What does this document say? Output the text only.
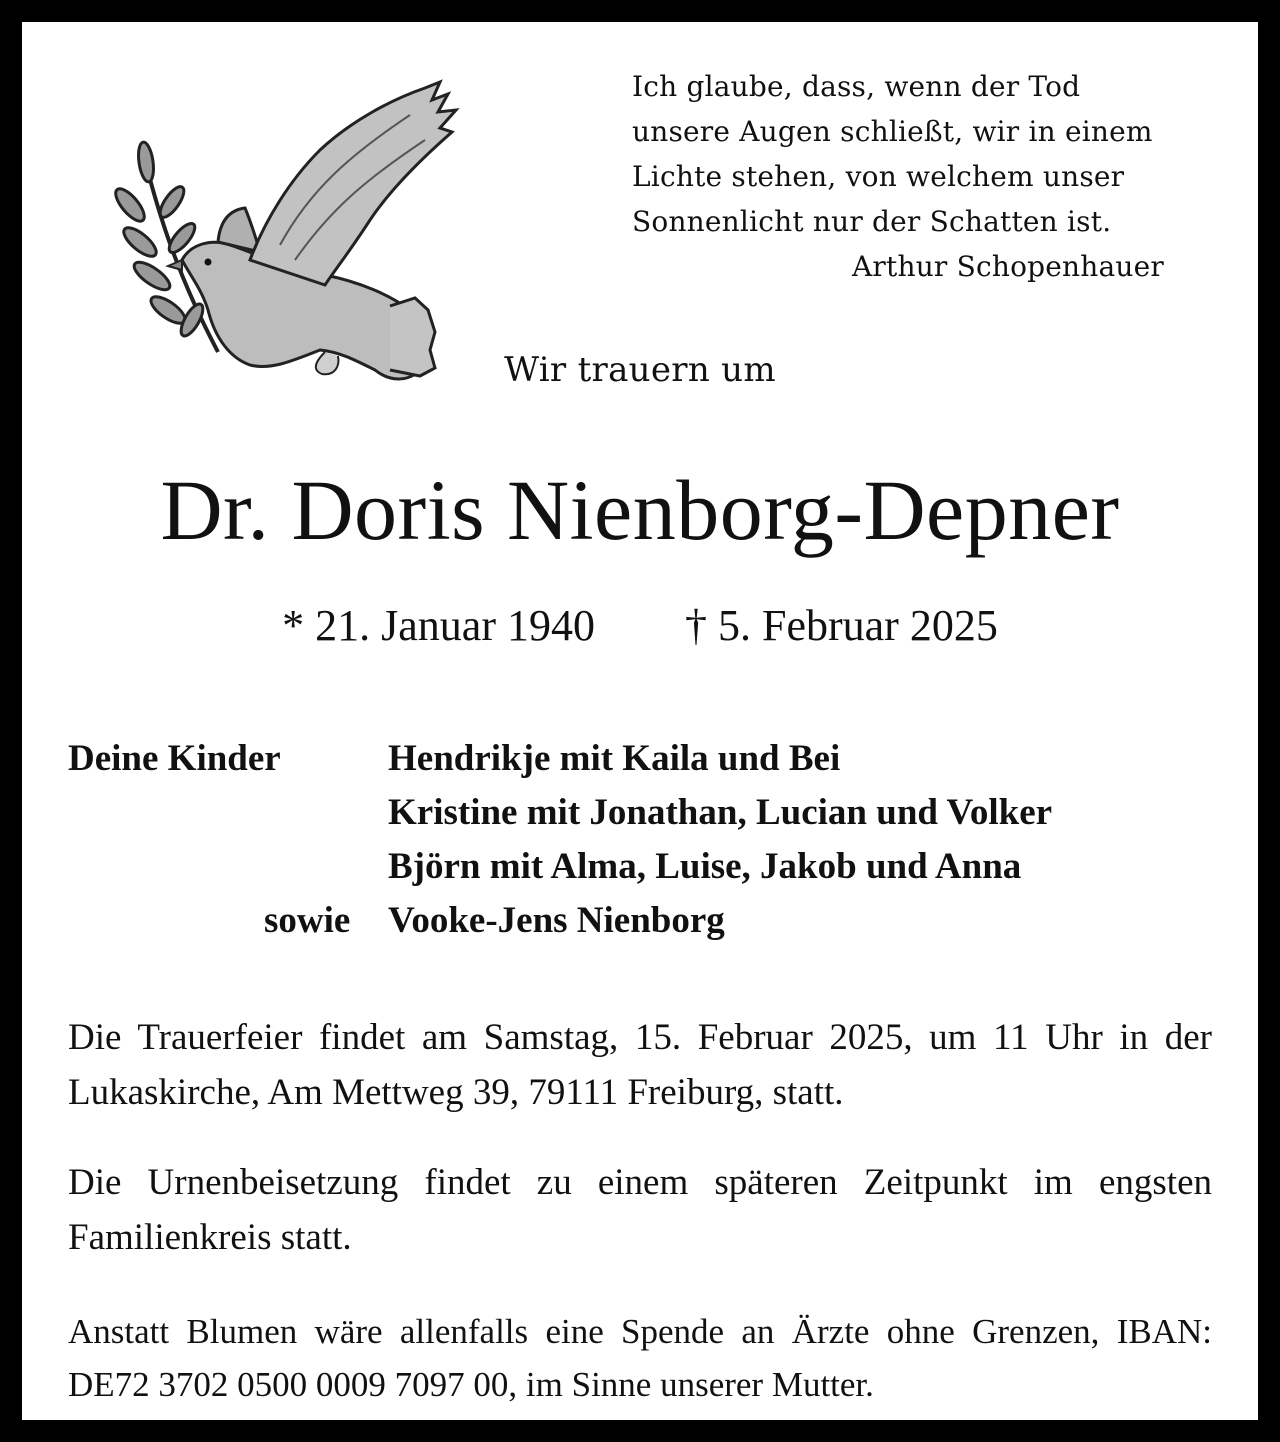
Ich glaube, dass, wenn der Tod
unsere Augen schließt, wir in einem
Lichte stehen, von welchem unser
Sonnenlicht nur der Schatten ist.
Arthur Schopenhauer
Wir trauern um
Dr. Doris Nienborg-Depner
* 21. Januar 1940 † 5. Februar 2025
Deine Kinder	Hendrikje mit Kaila und Bei
Kristine mit Jonathan, Lucian und Volker
Björn mit Alma, Luise, Jakob und Anna
Vooke-Jens Nienborg
sowie
Die Trauerfeier findet am Samstag, 15. Februar 2025, um 11 Uhr in der Lukaskirche, Am Mettweg 39, 79111 Freiburg, statt.
Die Urnenbeisetzung findet zu einem späteren Zeitpunkt im engsten Familienkreis statt.
Anstatt Blumen wäre allenfalls eine Spende an Ärzte ohne Grenzen, IBAN: DE72 3702 0500 0009 7097 00, im Sinne unserer Mutter.
